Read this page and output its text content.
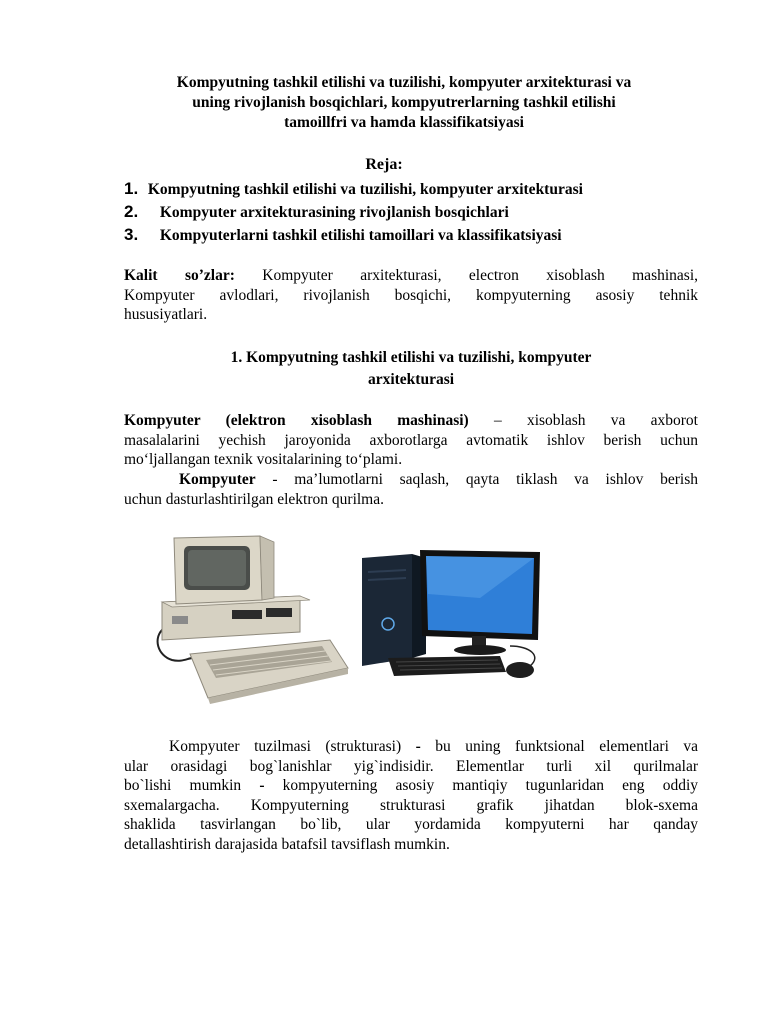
Kompyutning tashkil etilishi va tuzilishi, kompyuter arxitekturasi va
uning rivojlanish bosqichlari, kompyutrerlarning tashkil etilishi
tamoillfri va hamda klassifikatsiyasi
Reja:
1. Kompyutning tashkil etilishi va tuzilishi, kompyuter arxitekturasi
2. Kompyuter arxitekturasining rivojlanish bosqichlari
3. Kompyuterlarni tashkil etilishi tamoillari va klassifikatsiyasi
Kalit so’zlar: Kompyuter arxitekturasi, electron xisoblash mashinasi,
Kompyuter avlodlari, rivojlanish bosqichi, kompyuterning asosiy tehnik
hususiyatlari.
1. Kompyutning tashkil etilishi va tuzilishi, kompyuter
arxitekturasi
Kompyuter (elektron xisoblash mashinasi) – xisoblash va axborot
masalalarini yechish jaroyonida axborotlarga avtomatik ishlov berish uchun
mo‘ljallangan texnik vositalarining to‘plami.
Kompyuter - ma’lumotlarni saqlash, qayta tiklash va ishlov berish
uchun dasturlashtirilgan elektron qurilma.
Kompyuter tuzilmasi (strukturasi) - bu uning funktsional elementlari va
ular orasidagi bog`lanishlar yig`indisidir. Elementlar turli xil qurilmalar
bo`lishi mumkin - kompyuterning asosiy mantiqiy tugunlaridan eng oddiy
sxemalargacha. Kompyuterning strukturasi grafik jihatdan blok-sxema
shaklida tasvirlangan bo`lib, ular yordamida kompyuterni har qanday
detallashtirish darajasida batafsil tavsiflash mumkin.
